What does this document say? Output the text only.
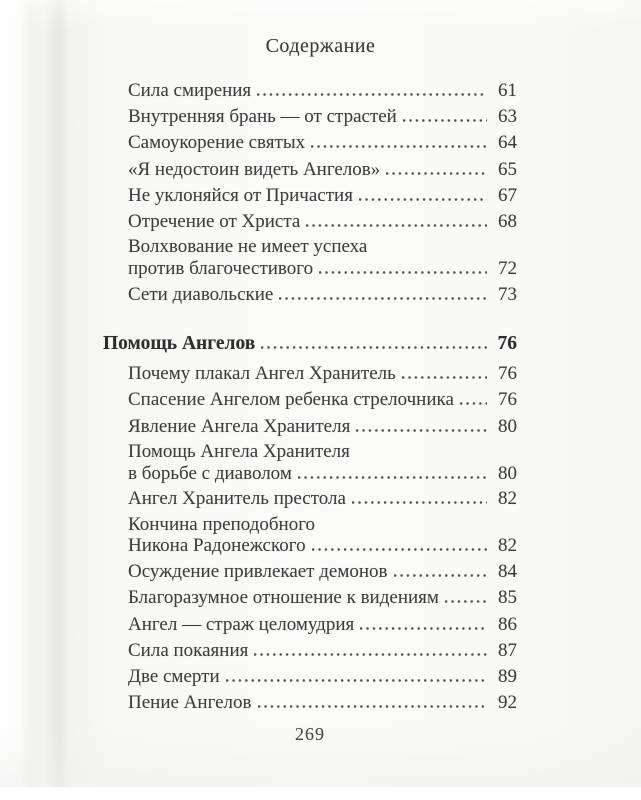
Содержание
Сила смирения	61
Внутренняя брань — от страстей	63
Самоукорение святых	64
«Я недостоин видеть Ангелов»	65
Не уклоняйся от Причастия	67
Отречение от Христа	68
Волхвование не имеет успеха
против благочестивого	72
Сети диавольские	73
Помощь Ангелов	76
Почему плакал Ангел Хранитель	76
Спасение Ангелом ребенка стрелочника	76
Явление Ангела Хранителя	80
Помощь Ангела Хранителя
в борьбе с диаволом	80
Ангел Хранитель престола	82
Кончина преподобного
Никона Радонежского	82
Осуждение привлекает демонов	84
Благоразумное отношение к видениям	85
Ангел — страж целомудрия	86
Сила покаяния	87
Две смерти	89
Пение Ангелов	92
269
